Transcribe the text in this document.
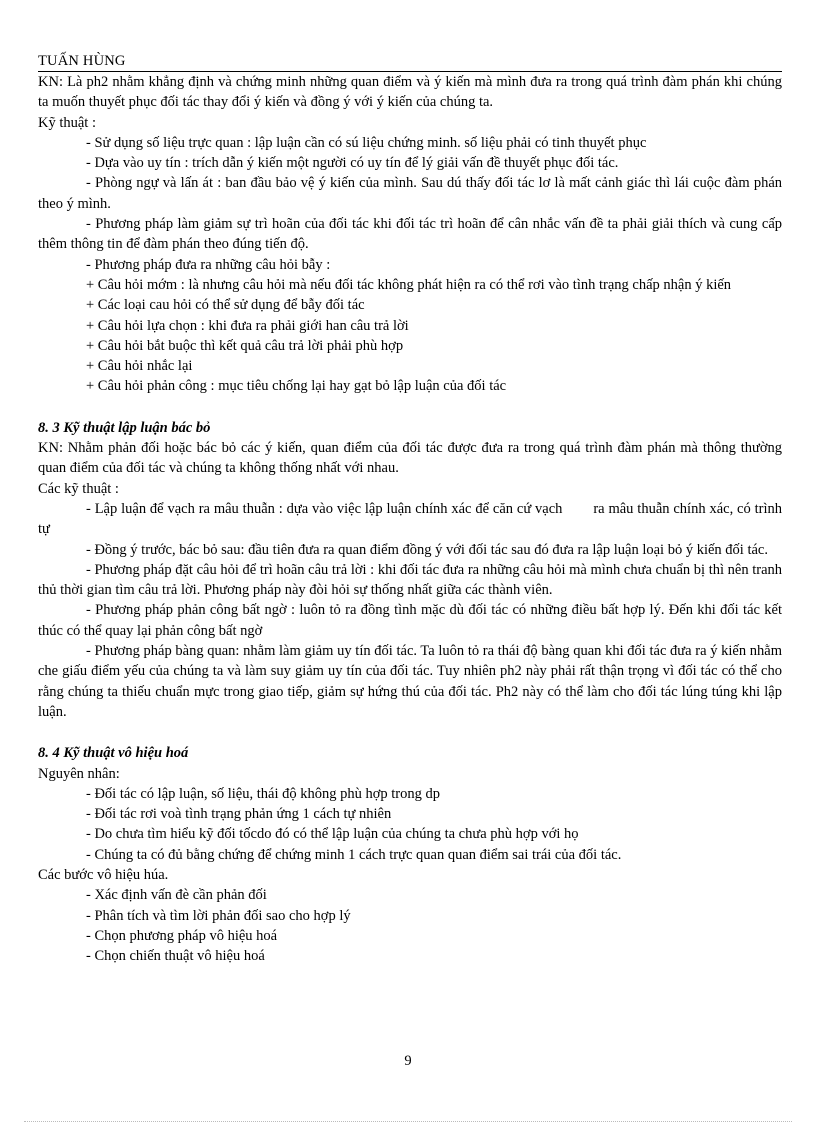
TUẤN HÙNG

KN: Là ph2 nhằm khẳng định và chứng minh những quan điểm và ý kiến mà mình đưa ra trong quá trình đàm phán khi chúng ta muốn thuyết phục đối tác thay đổi ý kiến và đồng ý với ý kiến của chúng ta.

Kỹ thuật :

- Sử dụng số liệu trực quan : lập luận cần có sú liệu chứng minh. số liệu phải có tinh thuyết phục

- Dựa vào uy tín : trích dẫn ý kiến một người có uy tín để lý giải vấn đề thuyết phục đối tác.

- Phòng ngự và lấn át : ban đầu bảo vệ ý kiến của mình. Sau dú thấy đối tác lơ là mất cảnh giác thì lái cuộc đàm phán theo ý mình.

- Phương pháp làm giảm sự trì hoãn của đối tác khi đối tác trì hoãn để cân nhắc vấn đề ta phải giải thích và cung cấp thêm thông tin để đàm phán theo đúng tiến độ.

- Phương pháp đưa ra những câu hỏi bẫy :

+ Câu hỏi mớm : là nhưng câu hỏi mà nếu đối tác không phát hiện ra có thể rơi vào tình trạng chấp nhận ý kiến

+ Các loại cau hỏi có thể sử dụng để bẫy đối tác

+ Câu hỏi lựa chọn : khi đưa ra phải giới han câu trả lời

+ Câu hỏi bắt buộc thì kết quả câu trả lời phải phù hợp

+ Câu hỏi nhắc lại

+ Câu hỏi phản công : mục tiêu chống lại hay gạt bỏ lập luận của đối tác

8. 3 Kỹ thuật lập luận bác bỏ

KN: Nhằm phản đối hoặc bác bỏ các ý kiến, quan điểm của đối tác được đưa ra trong quá trình đàm phán mà thông thường quan điểm của đối tác và chúng ta không thống nhất với nhau.

Các kỹ thuật :

- Lập luận để vạch ra mâu thuẫn : dựa vào việc lập luận chính xác để căn cứ vạch        ra mâu thuẫn chính xác, có trình tự

- Đồng ý trước, bác bỏ sau: đầu tiên đưa ra quan điểm đồng ý với đối tác sau đó đưa ra lập luận loại bỏ ý kiến đối tác.

- Phương pháp đặt câu hỏi để trì hoãn câu trả lời : khi đối tác đưa ra những câu hỏi mà mình chưa chuẩn bị thì nên tranh thủ thời gian tìm câu trả lời. Phương pháp này đòi hỏi sự thống nhất giữa các thành viên.

- Phương pháp phản công bất ngờ : luôn tỏ ra đồng tình mặc dù đối tác có những điều bất hợp lý. Đến khi đối tác kết thúc có thể quay lại phản công bất ngờ

- Phương pháp bàng quan: nhằm làm giảm uy tín đối tác. Ta luôn tỏ ra thái độ bàng quan khi đối tác đưa ra ý kiến nhằm che giấu điểm yếu của chúng ta và làm suy giảm uy tín của đối tác. Tuy nhiên ph2 này phải rất thận trọng vì đối tác có thể cho rằng chúng ta thiếu chuẩn mực trong giao tiếp, giảm sự hứng thú của đối tác. Ph2 này có thể làm cho đối tác lúng túng khi lập luận.

8. 4 Kỹ thuật vô hiệu hoá

Nguyên nhân:

- Đối tác có lập luận, số liệu, thái độ không phù hợp trong dp

- Đối tác rơi voà tình trạng phản ứng 1 cách tự nhiên

- Do chưa tìm hiểu kỹ đối tốcdo đó có thể lập luận của chúng ta chưa phù hợp với họ

- Chúng ta có đủ bằng chứng để chứng minh 1 cách trực quan quan điểm sai trái của đối tác.

Các bước vô hiệu húa.

- Xác định vấn đè cần phản đối

- Phân tích và tìm lời phản đối sao cho hợp lý

- Chọn phương pháp vô hiệu hoá

- Chọn chiến thuật vô hiệu hoá

9
